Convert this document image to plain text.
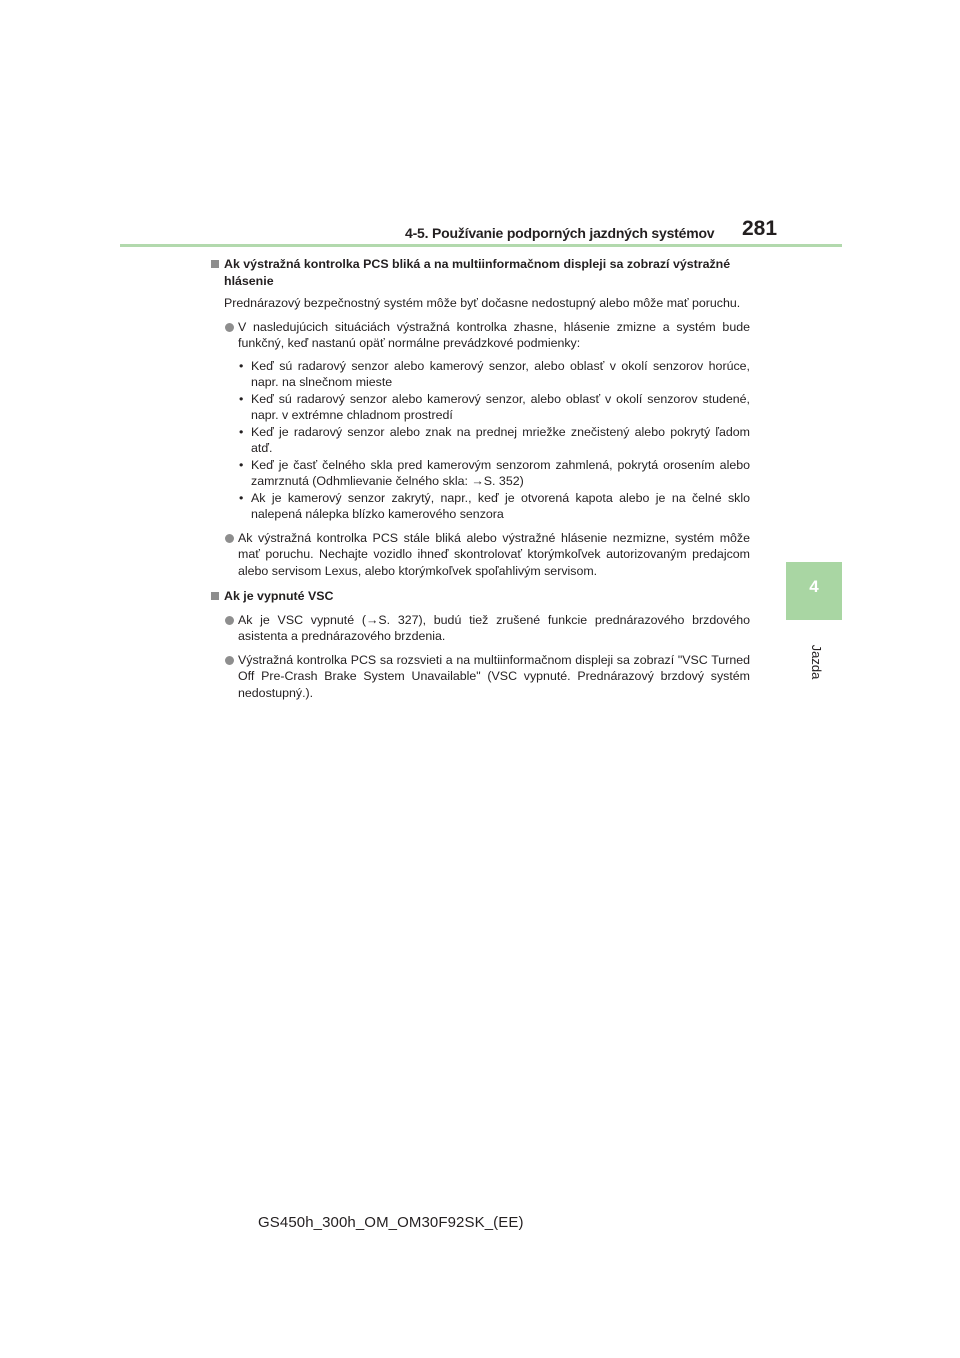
4-5. Používanie podporných jazdných systémov 281
4
Jazda
Ak výstražná kontrolka PCS bliká a na multiinformačnom displeji sa zobrazí výstražné hlásenie
Prednárazový bezpečnostný systém môže byť dočasne nedostupný alebo môže mať poruchu.
V nasledujúcich situáciách výstražná kontrolka zhasne, hlásenie zmizne a systém bude funkčný, keď nastanú opäť normálne prevádzkové podmienky:
• Keď sú radarový senzor alebo kamerový senzor, alebo oblasť v okolí senzorov horúce, napr. na slnečnom mieste
• Keď sú radarový senzor alebo kamerový senzor, alebo oblasť v okolí senzorov studené, napr. v extrémne chladnom prostredí
• Keď je radarový senzor alebo znak na prednej mriežke znečistený alebo pokrytý ľadom atď.
• Keď je časť čelného skla pred kamerovým senzorom zahmlená, pokrytá orosením alebo zamrznutá (Odhmlievanie čelného skla: →S. 352)
• Ak je kamerový senzor zakrytý, napr., keď je otvorená kapota alebo je na čelné sklo nalepená nálepka blízko kamerového senzora
Ak výstražná kontrolka PCS stále bliká alebo výstražné hlásenie nezmizne, systém môže mať poruchu. Nechajte vozidlo ihneď skontrolovať ktorýmkoľvek autorizovaným predajcom alebo servisom Lexus, alebo ktorýmkoľvek spoľahlivým servisom.
Ak je vypnuté VSC
Ak je VSC vypnuté (→S. 327), budú tiež zrušené funkcie prednárazového brzdového asistenta a prednárazového brzdenia.
Výstražná kontrolka PCS sa rozsvieti a na multiinformačnom displeji sa zobrazí "VSC Turned Off Pre-Crash Brake System Unavailable" (VSC vypnuté. Prednárazový brzdový systém nedostupný.).
GS450h_300h_OM_OM30F92SK_(EE)
